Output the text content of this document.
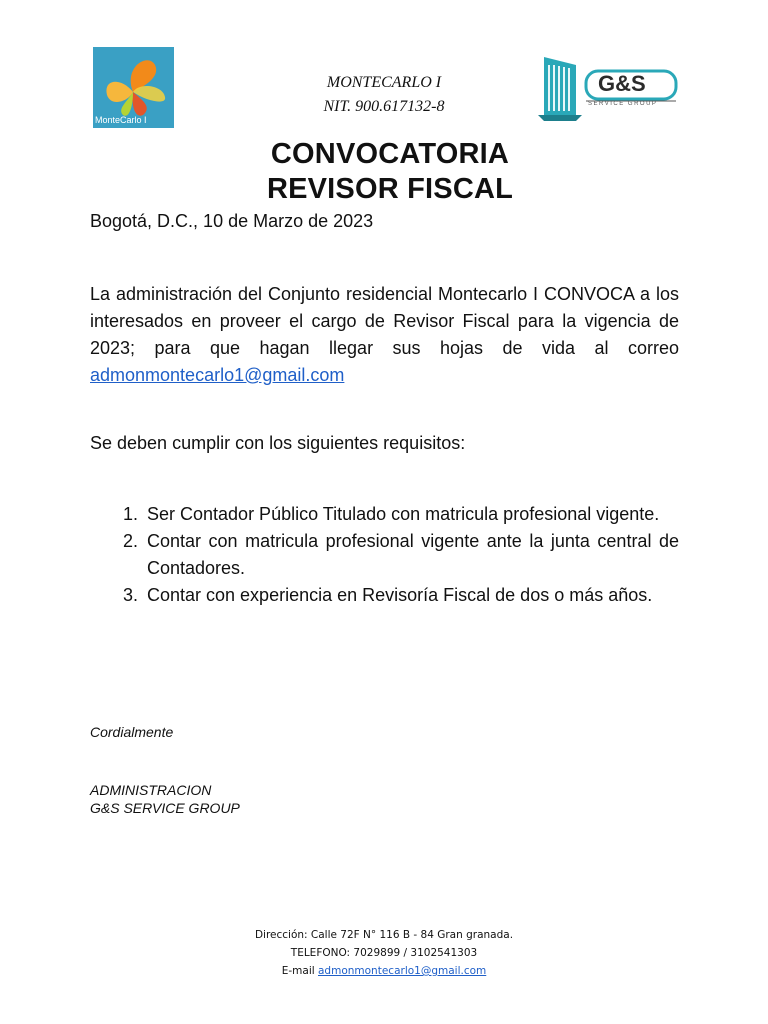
MonteCarlo I
G&S
SERVICE GROUP
MONTECARLO I
NIT. 900.617132-8
CONVOCATORIA
REVISOR FISCAL
Bogotá, D.C., 10 de Marzo de 2023
La administración del Conjunto residencial Montecarlo I CONVOCA a los interesados en proveer el cargo de Revisor Fiscal para la vigencia de 2023; para que hagan llegar sus hojas de vida al correo admonmontecarlo1@gmail.com
Se deben cumplir con los siguientes requisitos:
1. Ser Contador Público Titulado con matricula profesional vigente.
2. Contar con matricula profesional vigente ante la junta central de Contadores.
3. Contar con experiencia en Revisoría Fiscal de dos o más años.
Cordialmente
ADMINISTRACION
G&S SERVICE GROUP
Dirección: Calle 72F N° 116 B - 84 Gran granada.
TELEFONO: 7029899 / 3102541303
E-mail admonmontecarlo1@gmail.com
